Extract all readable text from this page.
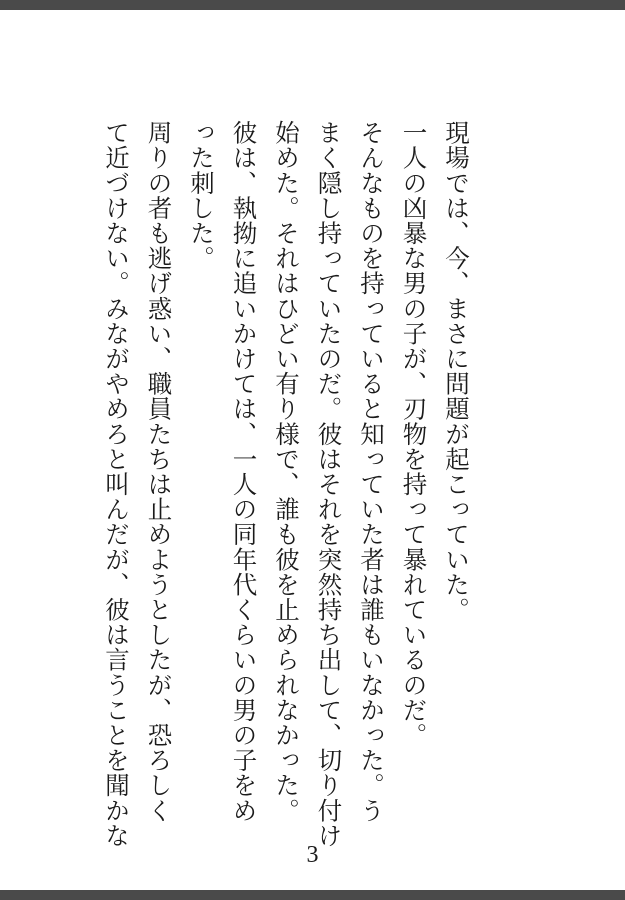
現場では、今、まさに問題が起こっていた。
一人の凶暴な男の子が、刃物を持って暴れているのだ。
そんなものを持っていると知っていた者は誰もいなかった。う
まく隠し持っていたのだ。彼はそれを突然持ち出して、切り付け
始めた。それはひどい有り様で、誰も彼を止められなかった。
彼は、執拗に追いかけては、一人の同年代くらいの男の子をめ
った刺した。
周りの者も逃げ惑い、職員たちは止めようとしたが、恐ろしく
て近づけない。みながやめろと叫んだが、彼は言うことを聞かな
3
